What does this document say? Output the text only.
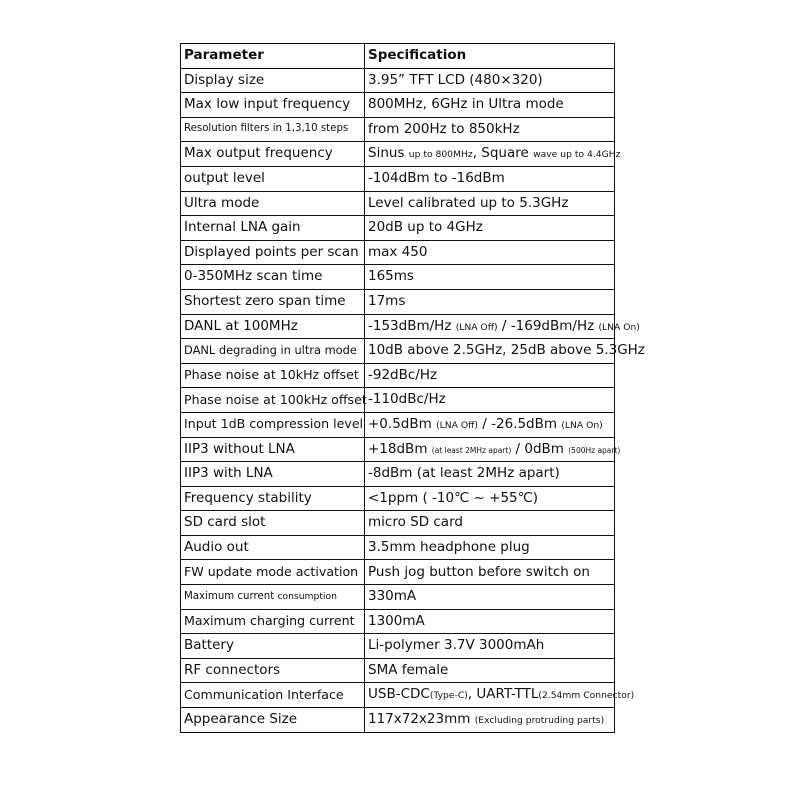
Parameter	Specification
Display size	3.95” TFT LCD (480×320)
Max low input frequency	800MHz, 6GHz in Ultra mode
Resolution filters in 1,3,10 steps	from 200Hz to 850kHz
Max output frequency	Sinus up to 800MHz, Square wave up to 4.4GHz
output level	-104dBm to -16dBm
Ultra mode	Level calibrated up to 5.3GHz
Internal LNA gain	20dB up to 4GHz
Displayed points per scan	max 450
0-350MHz scan time	165ms
Shortest zero span time	17ms
DANL at 100MHz	-153dBm/Hz (LNA Off) / -169dBm/Hz (LNA On)
DANL degrading in ultra mode	10dB above 2.5GHz, 25dB above 5.3GHz
Phase noise at 10kHz offset	-92dBc/Hz
Phase noise at 100kHz offset	-110dBc/Hz
Input 1dB compression level	+0.5dBm (LNA Off) / -26.5dBm (LNA On)
IIP3 without LNA	+18dBm (at least 2MHz apart) / 0dBm (500Hz apart)
IIP3 with LNA	-8dBm (at least 2MHz apart)
Frequency stability	<1ppm ( -10℃ ~ +55℃)
SD card slot	micro SD card
Audio out	3.5mm headphone plug
FW update mode activation	Push jog button before switch on
Maximum current consumption	330mA
Maximum charging current	1300mA
Battery	Li-polymer 3.7V 3000mAh
RF connectors	SMA female
Communication Interface	USB-CDC(Type-C), UART-TTL(2.54mm Connector)
Appearance Size	117x72x23mm (Excluding protruding parts)
